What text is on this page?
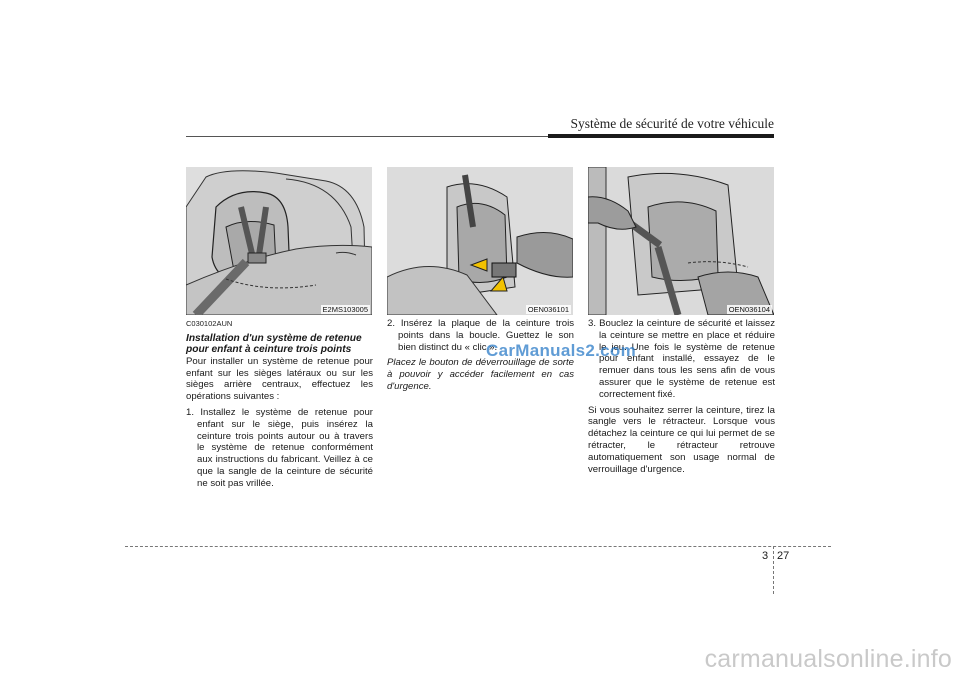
Système de sécurité de votre véhicule
E2MS103005	OEN036101	OEN036104

C030102AUN

Installation d'un système de retenue pour enfant à ceinture trois points

Pour installer un système de retenue pour enfant sur les sièges latéraux ou sur les sièges arrière centraux, effectuez les opérations suivantes :

1. Installez le système de retenue pour enfant sur le siège, puis insérez la ceinture trois points autour ou à travers le système de retenue conformément aux instructions du fabricant. Veillez à ce que la sangle de la ceinture de sécurité ne soit pas vrillée.

2. Insérez la plaque de la ceinture trois points dans la boucle. Guettez le son bien distinct du « clic ».

Placez le bouton de déverrouillage de sorte à pouvoir y accéder facilement en cas d'urgence.

3. Bouclez la ceinture de sécurité et laissez la ceinture se mettre en place et réduire le jeu. Une fois le système de retenue pour enfant installé, essayez de le remuer dans tous les sens afin de vous assurer que le système de retenue est correctement fixé.

Si vous souhaitez serrer la ceinture, tirez la sangle vers le rétracteur. Lorsque vous détachez la ceinture ce qui lui permet de se rétracter, le rétracteur retrouve automatiquement son usage normal de verrouillage d'urgence.

CarManuals2.com
3 27
carmanualsonline.info
